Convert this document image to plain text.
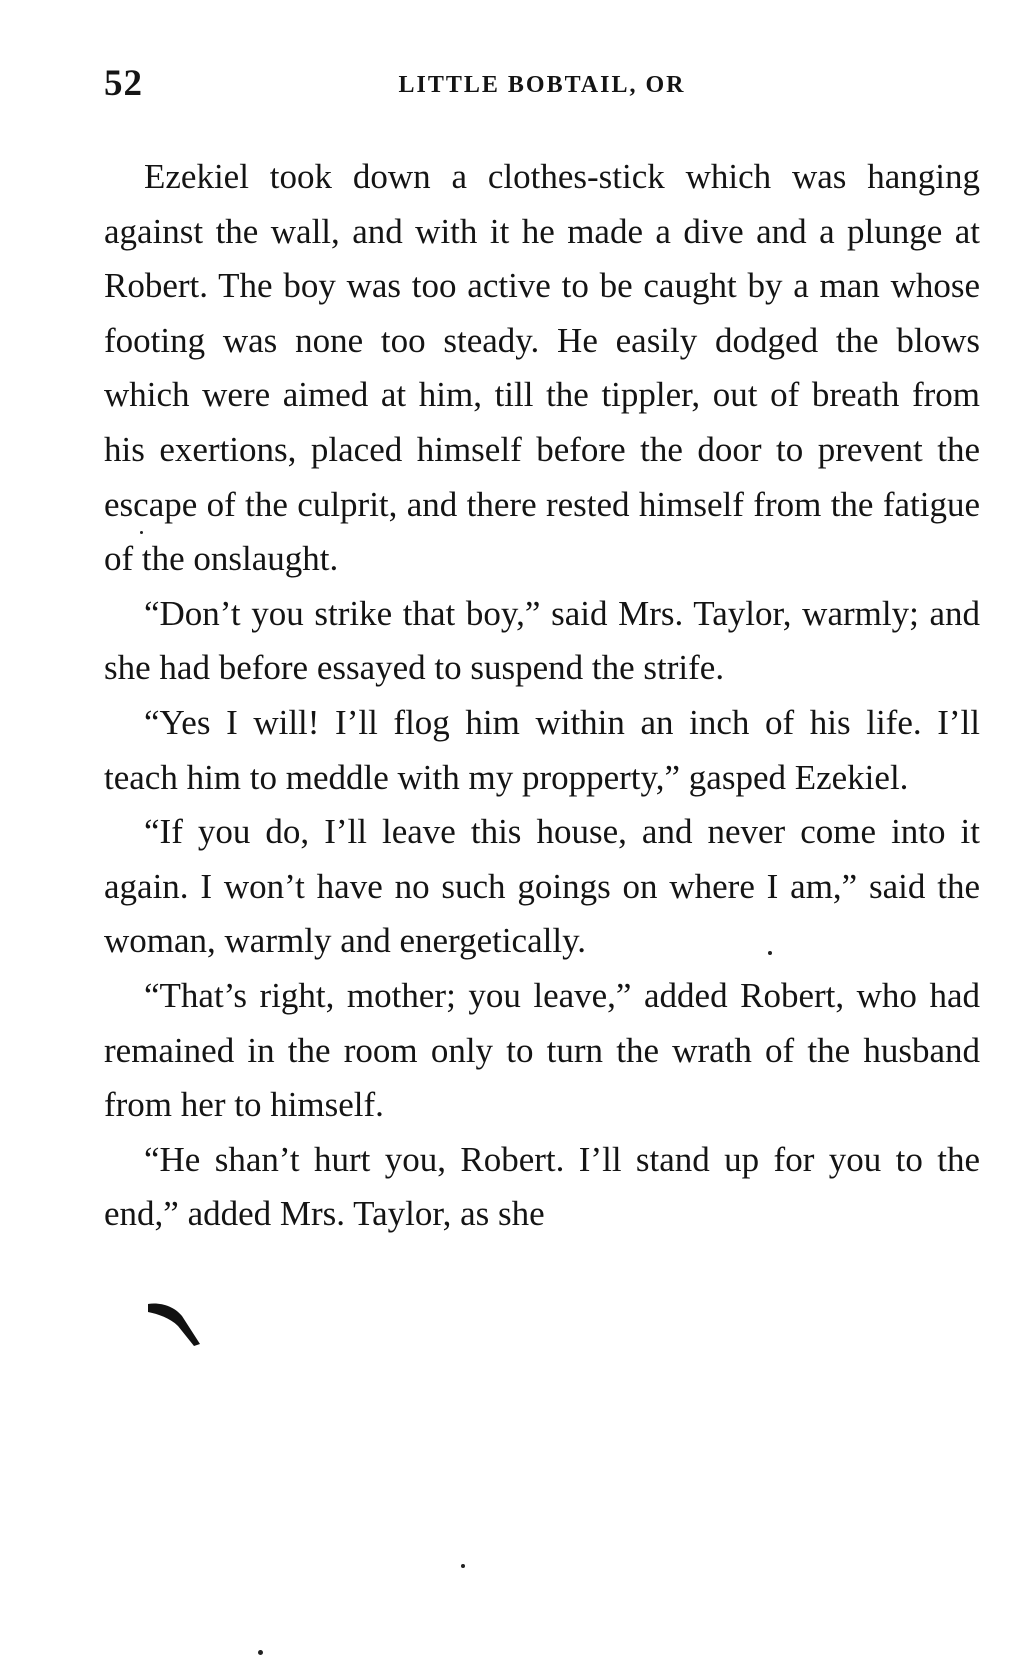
52	LITTLE BOBTAIL, OR

Ezekiel took down a clothes-stick which was hanging against the wall, and with it he made a dive and a plunge at Robert. The boy was too active to be caught by a man whose footing was none too steady. He easily dodged the blows which were aimed at him, till the tippler, out of breath from his exertions, placed himself before the door to prevent the escape of the culprit, and there rested himself from the fatigue of the onslaught.

“Don’t you strike that boy,” said Mrs. Taylor, warmly; and she had before essayed to suspend the strife.

“Yes I will! I’ll flog him within an inch of his life. I’ll teach him to meddle with my propperty,” gasped Ezekiel.

“If you do, I’ll leave this house, and never come into it again. I won’t have no such goings on where I am,” said the woman, warmly and energetically.

“That’s right, mother; you leave,” added Robert, who had remained in the room only to turn the wrath of the husband from her to himself.

“He shan’t hurt you, Robert. I’ll stand up for you to the end,” added Mrs. Taylor, as she
